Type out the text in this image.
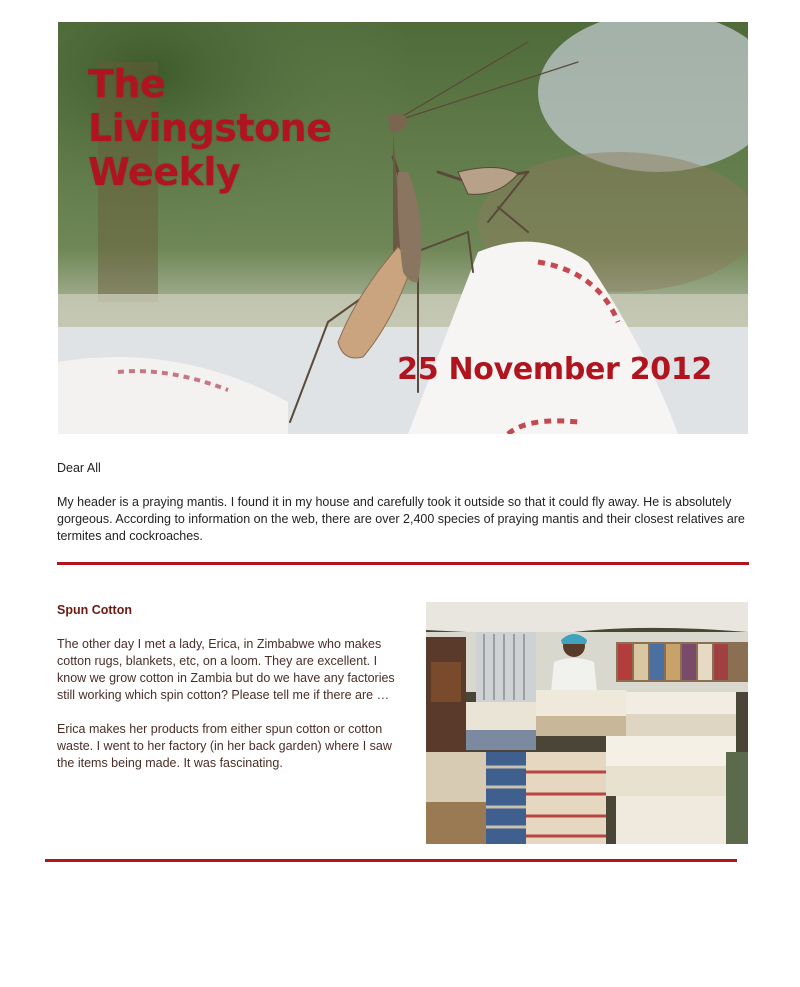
The
Livingstone
Weekly
25 November 2012

Dear All

My header is a praying mantis. I found it in my house and carefully took it outside so that it could fly away. He is absolutely gorgeous. According to information on the web, there are over 2,400 species of praying mantis and their closest relatives are termites and cockroaches.

Spun Cotton

The other day I met a lady, Erica, in Zimbabwe who makes cotton rugs, blankets, etc, on a loom. They are excellent. I know we grow cotton in Zambia but do we have any factories still working which spin cotton? Please tell me if there are …

Erica makes her products from either spun cotton or cotton waste. I went to her factory (in her back garden) where I saw the items being made. It was fascinating.
